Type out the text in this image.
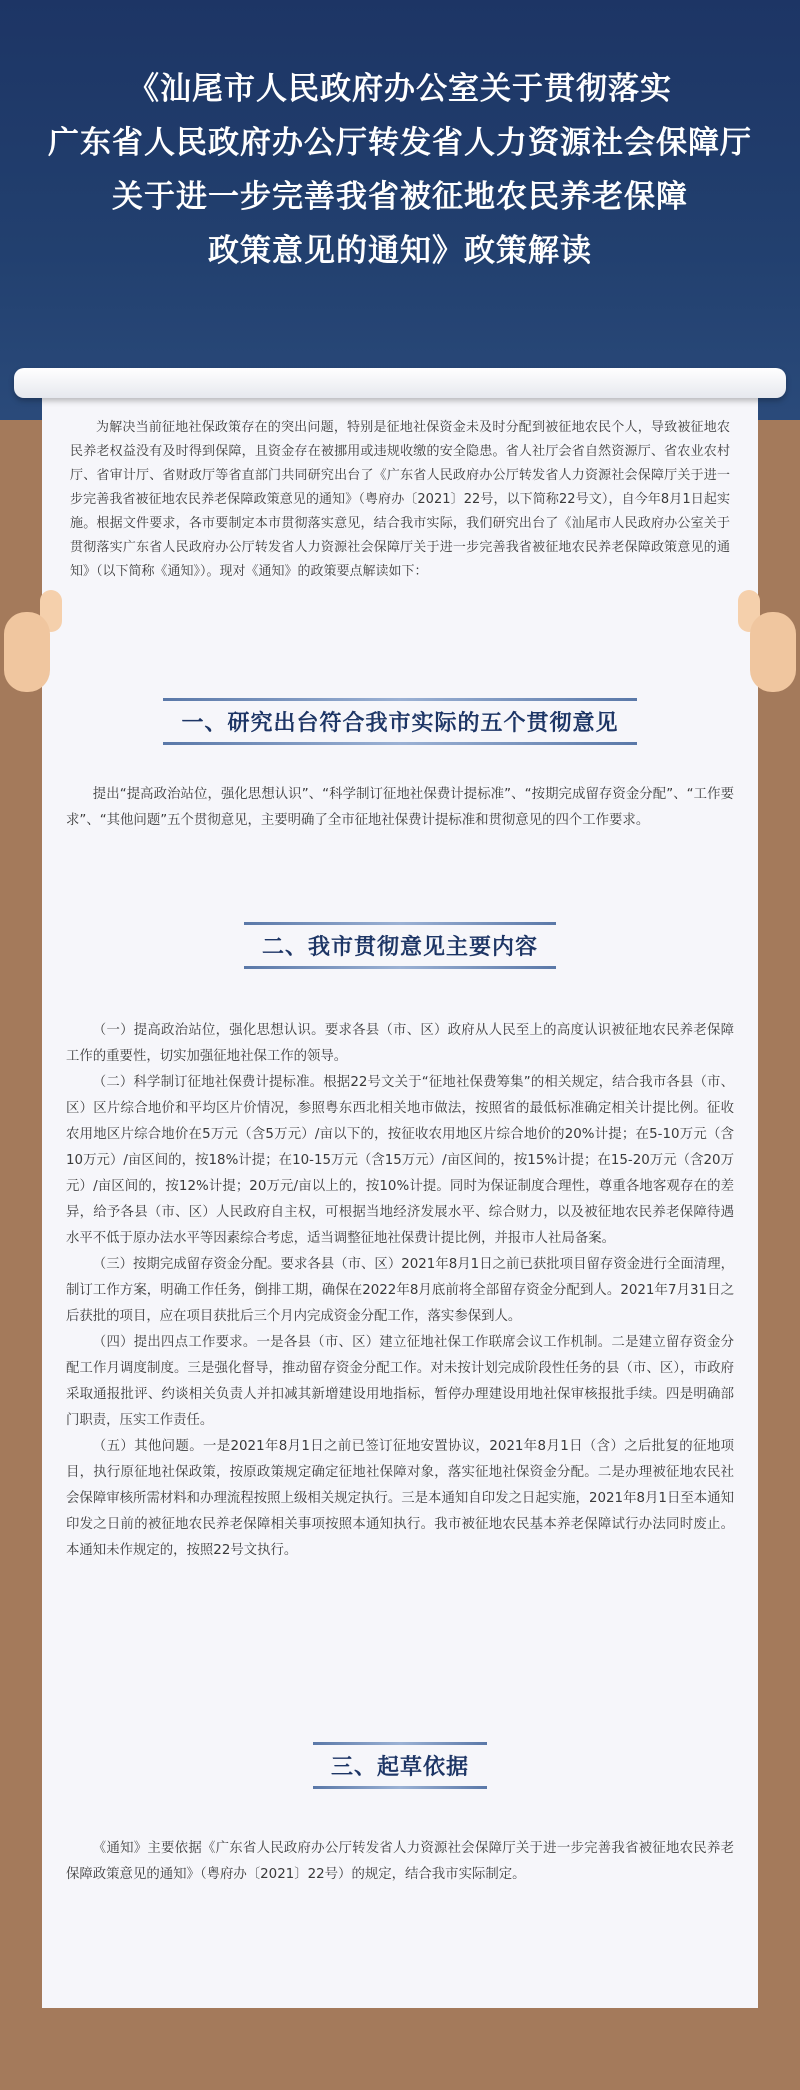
《汕尾市人民政府办公室关于贯彻落实
广东省人民政府办公厅转发省人力资源社会保障厅
关于进一步完善我省被征地农民养老保障
政策意见的通知》政策解读

为解决当前征地社保政策存在的突出问题，特别是征地社保资金未及时分配到被征地农民个人，导致被征地农民养老权益没有及时得到保障，且资金存在被挪用或违规收缴的安全隐患。省人社厅会省自然资源厅、省农业农村厅、省审计厅、省财政厅等省直部门共同研究出台了《广东省人民政府办公厅转发省人力资源社会保障厅关于进一步完善我省被征地农民养老保障政策意见的通知》（粤府办〔2021〕22号，以下简称22号文），自今年8月1日起实施。根据文件要求，各市要制定本市贯彻落实意见，结合我市实际，我们研究出台了《汕尾市人民政府办公室关于贯彻落实广东省人民政府办公厅转发省人力资源社会保障厅关于进一步完善我省被征地农民养老保障政策意见的通知》（以下简称《通知》）。现对《通知》的政策要点解读如下：

一、研究出台符合我市实际的五个贯彻意见

提出“提高政治站位，强化思想认识”、“科学制订征地社保费计提标准”、“按期完成留存资金分配”、“工作要求”、“其他问题”五个贯彻意见，主要明确了全市征地社保费计提标准和贯彻意见的四个工作要求。

二、我市贯彻意见主要内容

（一）提高政治站位，强化思想认识。要求各县（市、区）政府从人民至上的高度认识被征地农民养老保障工作的重要性，切实加强征地社保工作的领导。

（二）科学制订征地社保费计提标准。根据22号文关于“征地社保费筹集”的相关规定，结合我市各县（市、区）区片综合地价和平均区片价情况，参照粤东西北相关地市做法，按照省的最低标准确定相关计提比例。征收农用地区片综合地价在5万元（含5万元）/亩以下的，按征收农用地区片综合地价的20%计提；在5-10万元（含10万元）/亩区间的，按18%计提；在10-15万元（含15万元）/亩区间的，按15%计提；在15-20万元（含20万元）/亩区间的，按12%计提；20万元/亩以上的，按10%计提。同时为保证制度合理性，尊重各地客观存在的差异，给予各县（市、区）人民政府自主权，可根据当地经济发展水平、综合财力，以及被征地农民养老保障待遇水平不低于原办法水平等因素综合考虑，适当调整征地社保费计提比例，并报市人社局备案。

（三）按期完成留存资金分配。要求各县（市、区）2021年8月1日之前已获批项目留存资金进行全面清理，制订工作方案，明确工作任务，倒排工期，确保在2022年8月底前将全部留存资金分配到人。2021年7月31日之后获批的项目，应在项目获批后三个月内完成资金分配工作，落实参保到人。

（四）提出四点工作要求。一是各县（市、区）建立征地社保工作联席会议工作机制。二是建立留存资金分配工作月调度制度。三是强化督导，推动留存资金分配工作。对未按计划完成阶段性任务的县（市、区），市政府采取通报批评、约谈相关负责人并扣减其新增建设用地指标，暂停办理建设用地社保审核报批手续。四是明确部门职责，压实工作责任。

（五）其他问题。一是2021年8月1日之前已签订征地安置协议，2021年8月1日（含）之后批复的征地项目，执行原征地社保政策，按原政策规定确定征地社保障对象，落实征地社保资金分配。二是办理被征地农民社会保障审核所需材料和办理流程按照上级相关规定执行。三是本通知自印发之日起实施，2021年8月1日至本通知印发之日前的被征地农民养老保障相关事项按照本通知执行。我市被征地农民基本养老保障试行办法同时废止。本通知未作规定的，按照22号文执行。

三、起草依据

《通知》主要依据《广东省人民政府办公厅转发省人力资源社会保障厅关于进一步完善我省被征地农民养老保障政策意见的通知》（粤府办〔2021〕22号）的规定，结合我市实际制定。
